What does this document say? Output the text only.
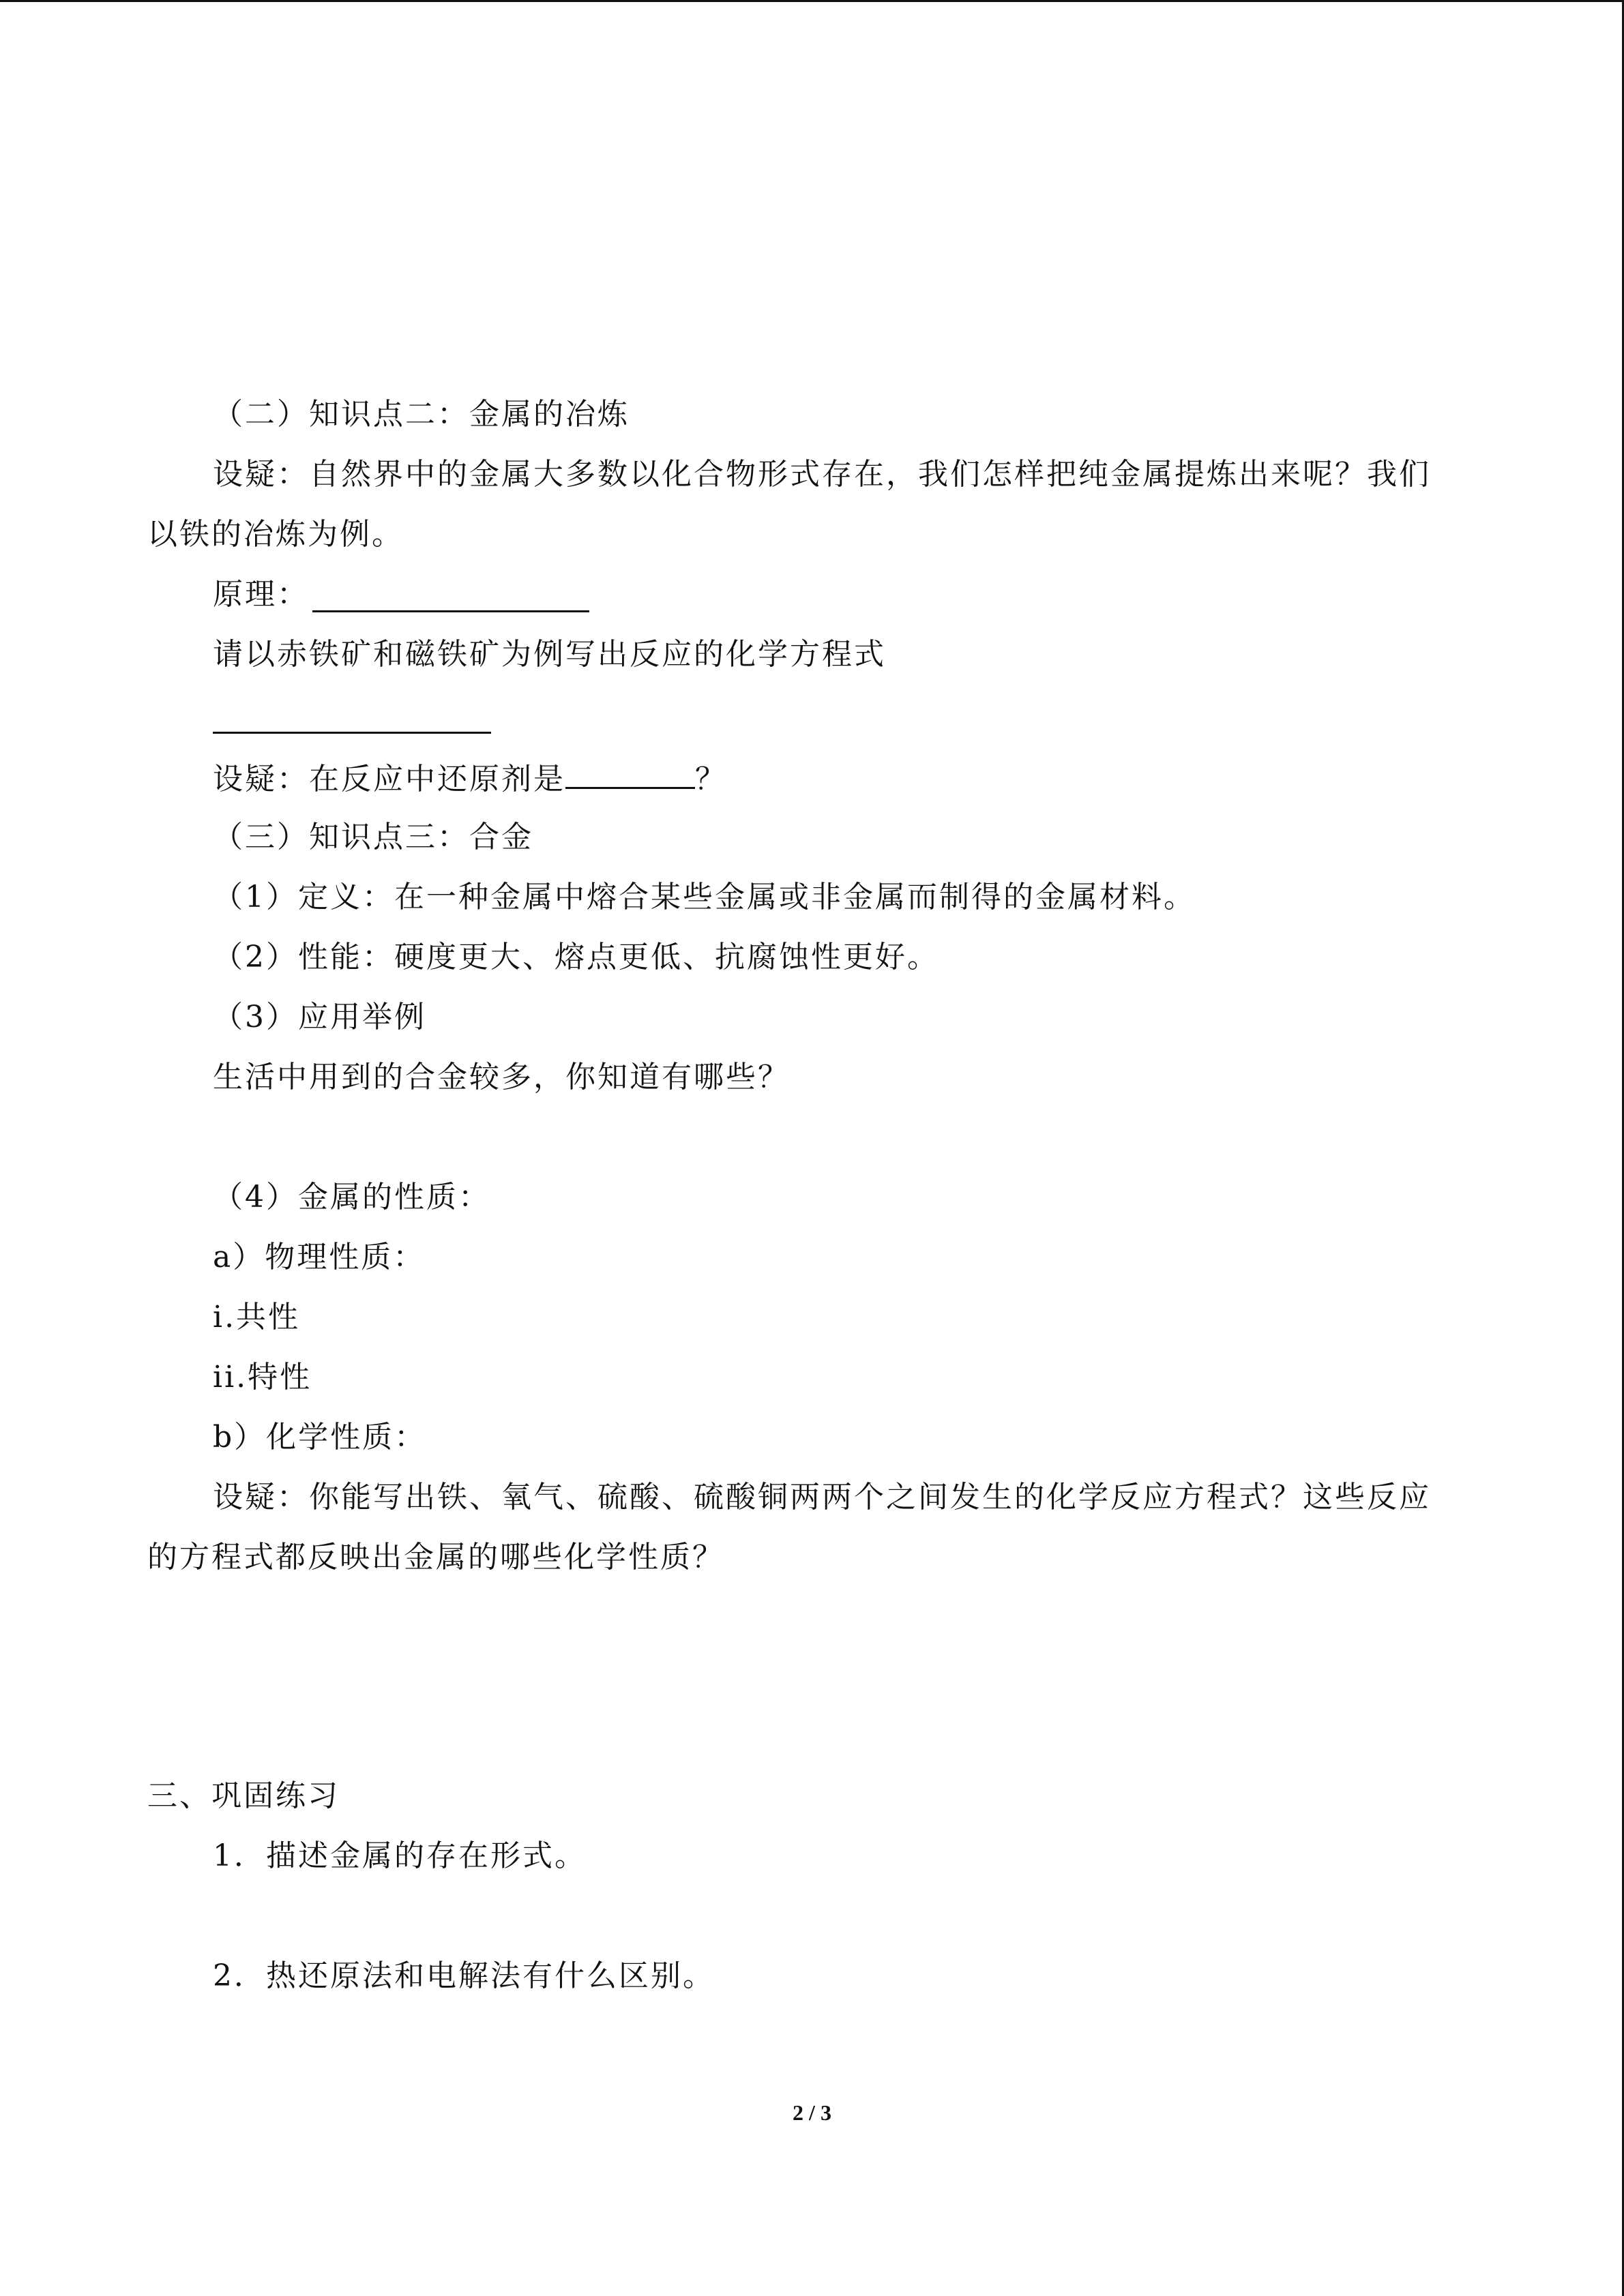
（二）知识点二：金属的冶炼
设疑：自然界中的金属大多数以化合物形式存在，我们怎样把纯金属提炼出来呢？我们
以铁的冶炼为例。
原理：
请以赤铁矿和磁铁矿为例写出反应的化学方程式
设疑：在反应中还原剂是	？
（三）知识点三：合金
（1）定义：在一种金属中熔合某些金属或非金属而制得的金属材料。
（2）性能：硬度更大、熔点更低、抗腐蚀性更好。
（3）应用举例
生活中用到的合金较多，你知道有哪些？
（4）金属的性质：
a）物理性质：
i.共性
ii.特性
b）化学性质：
设疑：你能写出铁、氧气、硫酸、硫酸铜两两个之间发生的化学反应方程式？这些反应
的方程式都反映出金属的哪些化学性质？
三、巩固练习
1．描述金属的存在形式。
2．热还原法和电解法有什么区别。
2 / 3
